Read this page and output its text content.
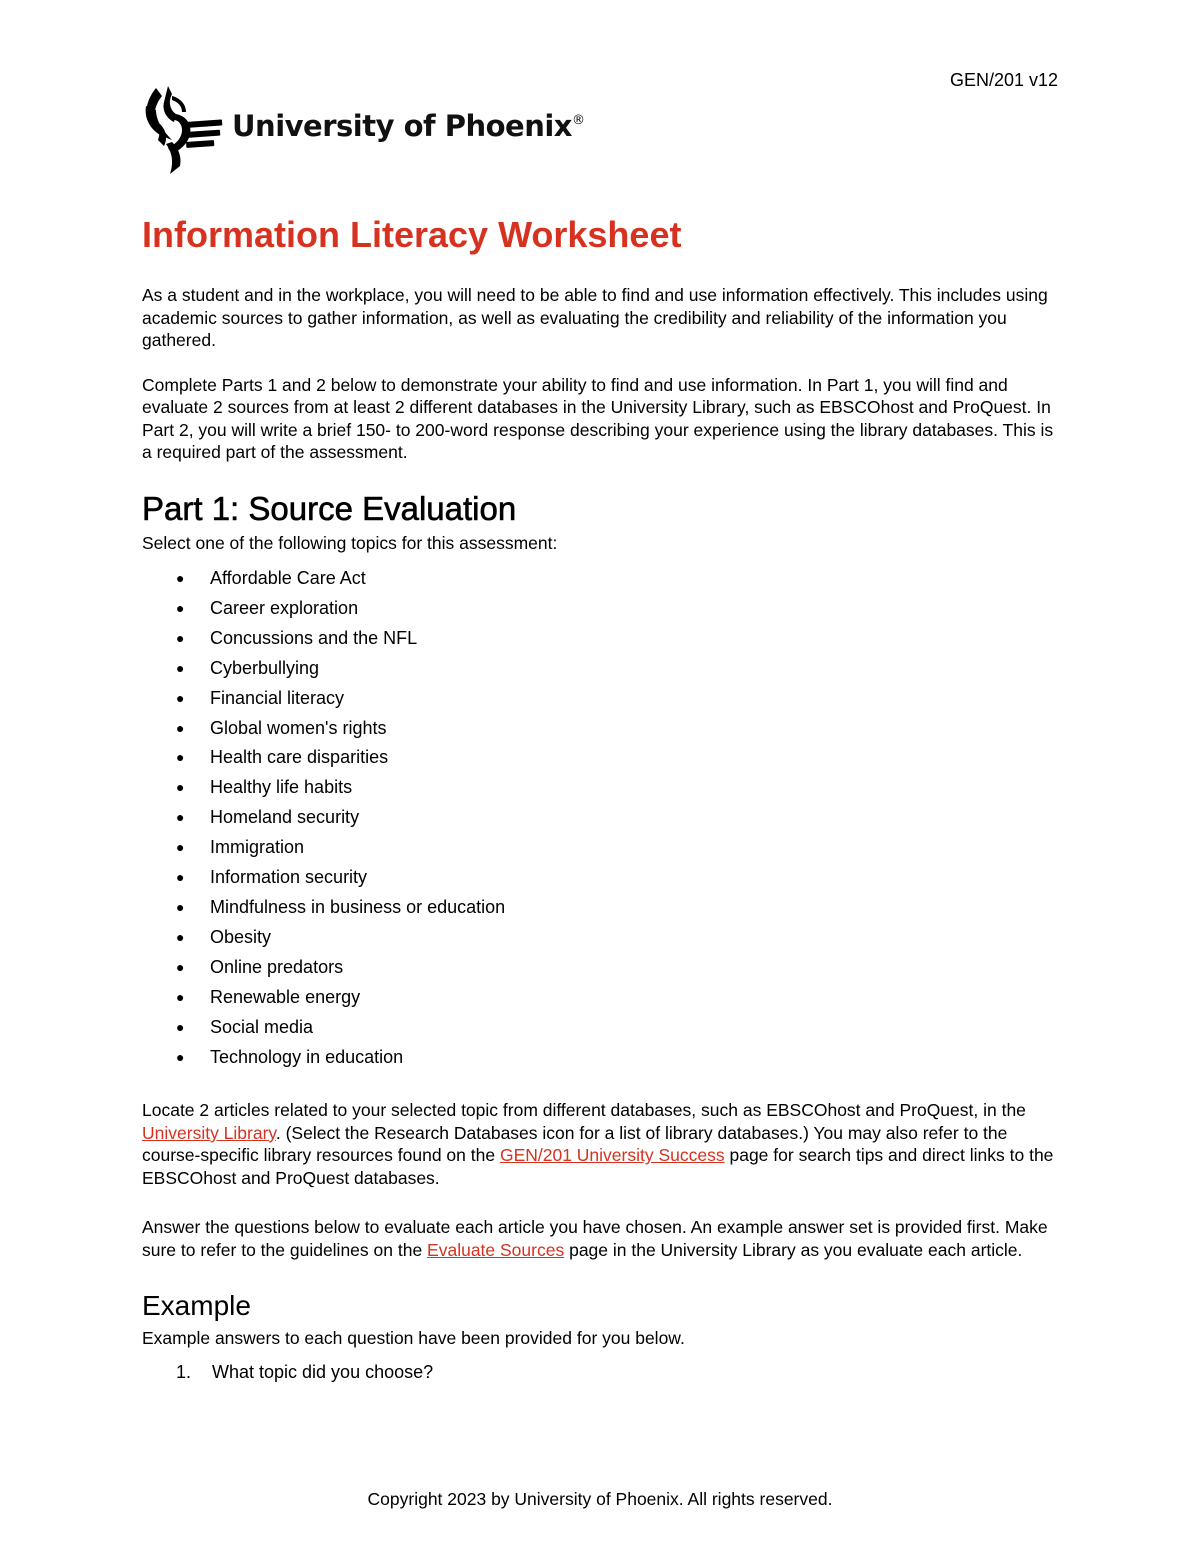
GEN/201 v12
University of Phoenix®
Information Literacy Worksheet

As a student and in the workplace, you will need to be able to find and use information effectively. This includes using academic sources to gather information, as well as evaluating the credibility and reliability of the information you gathered.

Complete Parts 1 and 2 below to demonstrate your ability to find and use information. In Part 1, you will find and evaluate 2 sources from at least 2 different databases in the University Library, such as EBSCOhost and ProQuest. In Part 2, you will write a brief 150- to 200-word response describing your experience using the library databases. This is a required part of the assessment.

Part 1: Source Evaluation

Select one of the following topics for this assessment:

●	Affordable Care Act
●	Career exploration
●	Concussions and the NFL
●	Cyberbullying
●	Financial literacy
●	Global women's rights
●	Health care disparities
●	Healthy life habits
●	Homeland security
●	Immigration
●	Information security
●	Mindfulness in business or education
●	Obesity
●	Online predators
●	Renewable energy
●	Social media
●	Technology in education

Locate 2 articles related to your selected topic from different databases, such as EBSCOhost and ProQuest, in the University Library. (Select the Research Databases icon for a list of library databases.) You may also refer to the course-specific library resources found on the GEN/201 University Success page for search tips and direct links to the EBSCOhost and ProQuest databases.

Answer the questions below to evaluate each article you have chosen. An example answer set is provided first. Make sure to refer to the guidelines on the Evaluate Sources page in the University Library as you evaluate each article.

Example

Example answers to each question have been provided for you below.

1.	What topic did you choose?
Copyright 2023 by University of Phoenix. All rights reserved.
